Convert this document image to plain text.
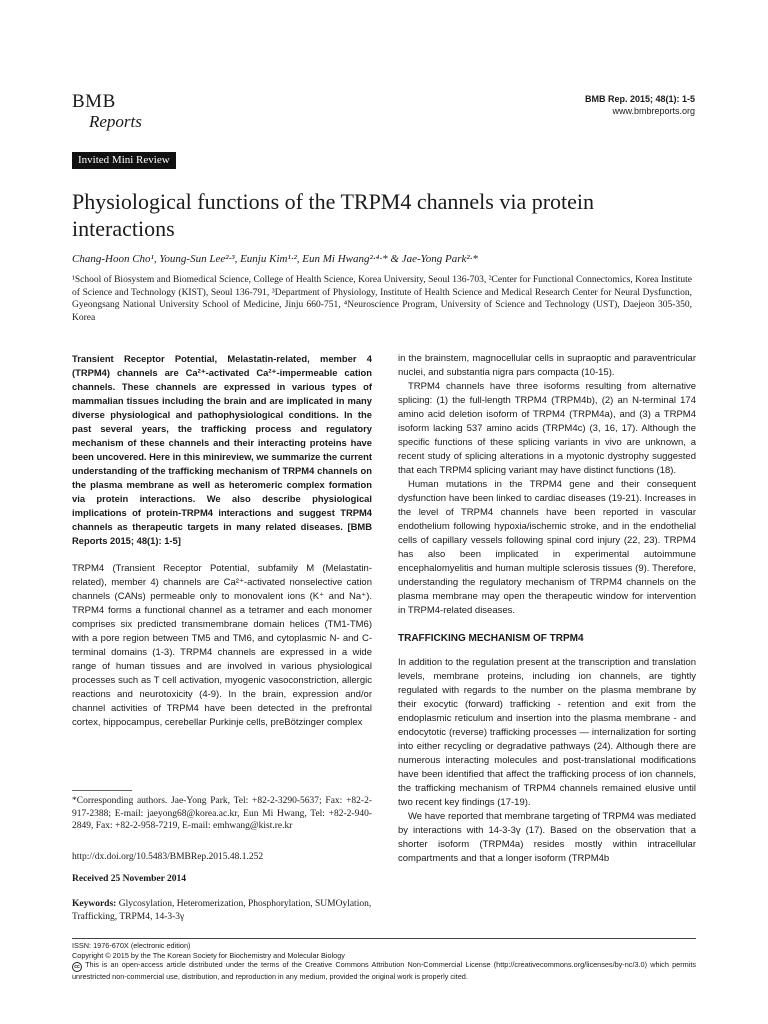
BMB
Reports
BMB Rep. 2015; 48(1): 1-5
www.bmbreports.org
Invited Mini Review
Physiological functions of the TRPM4 channels via protein interactions
Chang-Hoon Cho¹, Young-Sun Lee²·³, Eunju Kim¹·², Eun Mi Hwang²·⁴·* & Jae-Yong Park²·*
¹School of Biosystem and Biomedical Science, College of Health Science, Korea University, Seoul 136-703, ²Center for Functional Connectomics, Korea Institute of Science and Technology (KIST), Seoul 136-791, ³Department of Physiology, Institute of Health Science and Medical Research Center for Neural Dysfunction, Gyeongsang National University School of Medicine, Jinju 660-751, ⁴Neuroscience Program, University of Science and Technology (UST), Daejeon 305-350, Korea

Transient Receptor Potential, Melastatin-related, member 4 (TRPM4) channels are Ca²⁺-activated Ca²⁺-impermeable cation channels. These channels are expressed in various types of mammalian tissues including the brain and are implicated in many diverse physiological and pathophysiological conditions. In the past several years, the trafficking process and regulatory mechanism of these channels and their interacting proteins have been uncovered. Here in this minireview, we summarize the current understanding of the trafficking mechanism of TRPM4 channels on the plasma membrane as well as heteromeric complex formation via protein interactions. We also describe physiological implications of protein-TRPM4 interactions and suggest TRPM4 channels as therapeutic targets in many related diseases. [BMB Reports 2015; 48(1): 1-5]

TRPM4 (Transient Receptor Potential, subfamily M (Melastatin-related), member 4) channels are Ca²⁺-activated nonselective cation channels (CANs) permeable only to monovalent ions (K⁺ and Na⁺). TRPM4 forms a functional channel as a tetramer and each monomer comprises six predicted transmembrane domain helices (TM1-TM6) with a pore region between TM5 and TM6, and cytoplasmic N- and C-terminal domains (1-3). TRPM4 channels are expressed in a wide range of human tissues and are involved in various physiological processes such as T cell activation, myogenic vasoconstriction, allergic reactions and neurotoxicity (4-9). In the brain, expression and/or channel activities of TRPM4 have been detected in the prefrontal cortex, hippocampus, cerebellar Purkinje cells, preBötzinger complex

in the brainstem, magnocellular cells in supraoptic and paraventricular nuclei, and substantia nigra pars compacta (10-15).

TRPM4 channels have three isoforms resulting from alternative splicing: (1) the full-length TRPM4 (TRPM4b), (2) an N-terminal 174 amino acid deletion isoform of TRPM4 (TRPM4a), and (3) a TRPM4 isoform lacking 537 amino acids (TRPM4c) (3, 16, 17). Although the specific functions of these splicing variants in vivo are unknown, a recent study of splicing alterations in a myotonic dystrophy suggested that each TRPM4 splicing variant may have distinct functions (18).

Human mutations in the TRPM4 gene and their consequent dysfunction have been linked to cardiac diseases (19-21). Increases in the level of TRPM4 channels have been reported in vascular endothelium following hypoxia/ischemic stroke, and in the endothelial cells of capillary vessels following spinal cord injury (22, 23). TRPM4 has also been implicated in experimental autoimmune encephalomyelitis and human multiple sclerosis tissues (9). Therefore, understanding the regulatory mechanism of TRPM4 channels on the plasma membrane may open the therapeutic window for intervention in TRPM4-related diseases.

TRAFFICKING MECHANISM OF TRPM4

In addition to the regulation present at the transcription and translation levels, membrane proteins, including ion channels, are tightly regulated with regards to the number on the plasma membrane by their exocytic (forward) trafficking - retention and exit from the endoplasmic reticulum and insertion into the plasma membrane - and endocytotic (reverse) trafficking processes — internalization for sorting into either recycling or degradative pathways (24). Although there are numerous interacting molecules and post-translational modifications have been identified that affect the trafficking process of ion channels, the trafficking mechanism of TRPM4 channels remained elusive until two recent key findings (17-19).

We have reported that membrane targeting of TRPM4 was mediated by interactions with 14-3-3γ (17). Based on the observation that a shorter isoform (TRPM4a) resides mostly within intracellular compartments and that a longer isoform (TRPM4b

*Corresponding authors. Jae-Yong Park, Tel: +82-2-3290-5637; Fax: +82-2-917-2388; E-mail: jaeyong68@korea.ac.kr, Eun Mi Hwang, Tel: +82-2-940-2849, Fax: +82-2-958-7219, E-mail: emhwang@kist.re.kr
http://dx.doi.org/10.5483/BMBRep.2015.48.1.252
Received 25 November 2014
Keywords: Glycosylation, Heteromerization, Phosphorylation, SUMOylation, Trafficking, TRPM4, 14-3-3γ
ISSN: 1976-670X (electronic edition)
Copyright © 2015 by the The Korean Society for Biochemistry and Molecular Biology
cc This is an open-access article distributed under the terms of the Creative Commons Attribution Non-Commercial License (http://creativecommons.org/licenses/by-nc/3.0) which permits unrestricted non-commercial use, distribution, and reproduction in any medium, provided the original work is properly cited.
